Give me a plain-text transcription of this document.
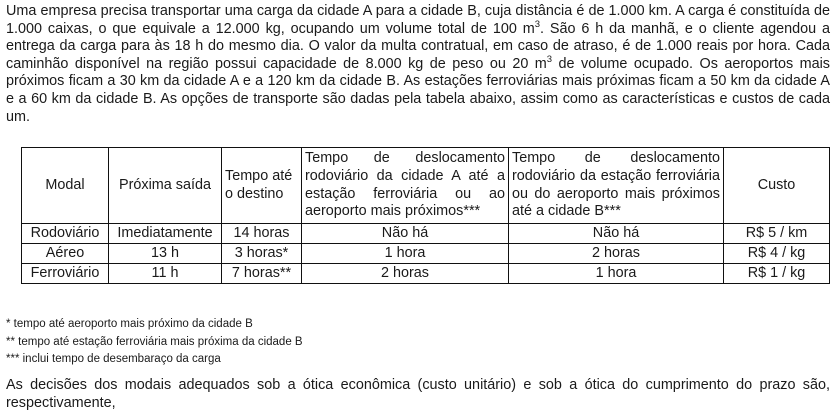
Uma empresa precisa transportar uma carga da cidade A para a cidade B, cuja distância é de 1.000 km. A carga é constituída de 1.000 caixas, o que equivale a 12.000 kg, ocupando um volume total de 100 $m^3$. São 6 h da manhã, e o cliente agendou a entrega da carga para às 18 h do mesmo dia. O valor da multa contratual, em caso de atraso, é de 1.000 reais por hora. Cada caminhão disponível na região possui capacidade de 8.000 kg de peso ou 20 $m^3$ de volume ocupado. Os aeroportos mais próximos ficam a 30 km da cidade A e a 120 km da cidade B. As estações ferroviárias mais próximas ficam a 50 km da cidade A e a 60 km da cidade B. As opções de transporte são dadas pela tabela abaixo, assim como as características e custos de cada um.

Modal	Próxima saída	Tempo até o destino	Tempo de deslocamento rodoviário da cidade A até a estação ferroviária ou ao aeroporto mais próximos***	Tempo de deslocamento rodoviário da estação ferroviária ou do aeroporto mais próximos até a cidade B***	Custo
Rodoviário	Imediatamente	14 horas	Não há	Não há	R$ 5 / km
Aéreo	13 h	3 horas*	1 hora	2 horas	R$ 4 / kg
Ferroviário	11 h	7 horas**	2 horas	1 hora	R$ 1 / kg
* tempo até aeroporto mais próximo da cidade B
** tempo até estação ferroviária mais próxima da cidade B
*** inclui tempo de desembaraço da carga

As decisões dos modais adequados sob a ótica econômica (custo unitário) e sob a ótica do cumprimento do prazo são, respectivamente,
